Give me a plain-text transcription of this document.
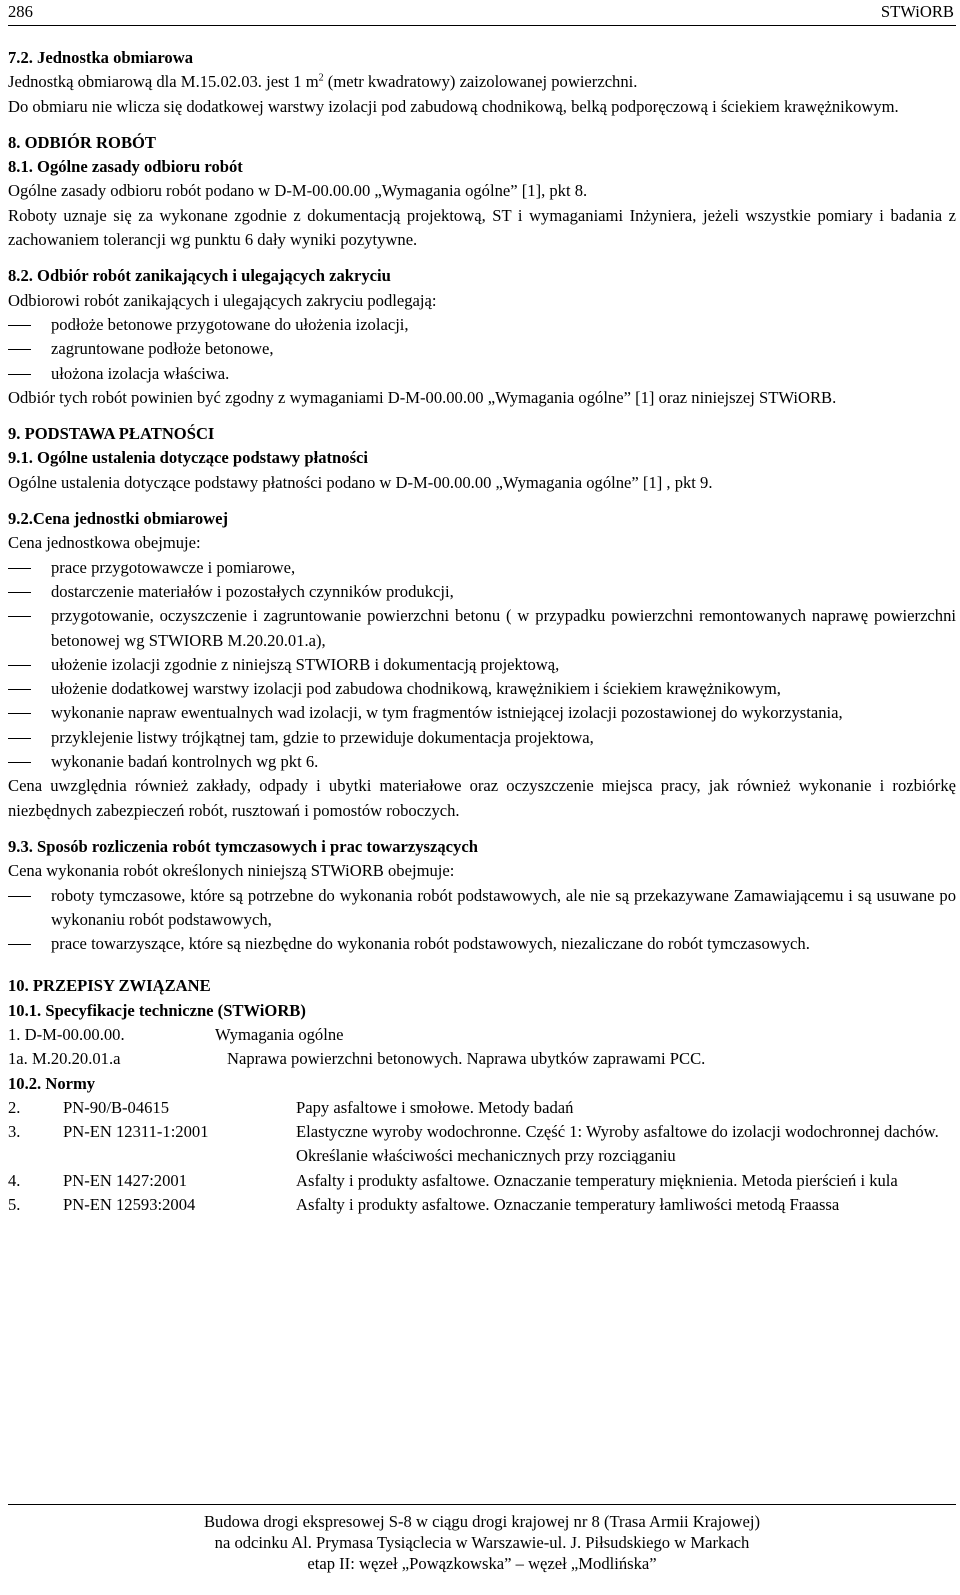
286	STWiORB
7.2. Jednostka obmiarowa

Jednostką obmiarową dla M.15.02.03. jest 1 $m^2$ (metr kwadratowy) zaizolowanej powierzchni.

Do obmiaru nie wlicza się dodatkowej warstwy izolacji pod zabudową chodnikową, belką podporęczową i ściekiem krawężnikowym.

8. ODBIÓR ROBÓT
8.1. Ogólne zasady odbioru robót

Ogólne zasady odbioru robót podano w D-M-00.00.00 „Wymagania ogólne” [1], pkt 8.

Roboty uznaje się za wykonane zgodnie z dokumentacją projektową, ST i wymaganiami Inżyniera, jeżeli wszystkie pomiary i badania z zachowaniem tolerancji wg punktu 6 dały wyniki pozytywne.

8.2. Odbiór robót zanikających i ulegających zakryciu

Odbiorowi robót zanikających i ulegających zakryciu podlegają:

podłoże betonowe przygotowane do ułożenia izolacji,
zagruntowane podłoże betonowe,
ułożona izolacja właściwa.

Odbiór tych robót powinien być zgodny z wymaganiami D-M-00.00.00 „Wymagania ogólne” [1] oraz niniejszej STWiORB.

9. PODSTAWA PŁATNOŚCI
9.1. Ogólne ustalenia dotyczące podstawy płatności

Ogólne ustalenia dotyczące podstawy płatności podano w D-M-00.00.00 „Wymagania ogólne” [1] , pkt 9.

9.2.Cena jednostki obmiarowej

Cena jednostkowa obejmuje:

prace przygotowawcze i pomiarowe,
dostarczenie materiałów i pozostałych czynników produkcji,
przygotowanie, oczyszczenie i zagruntowanie powierzchni betonu ( w przypadku powierzchni remontowanych naprawę powierzchni betonowej wg STWIORB M.20.20.01.a),
ułożenie izolacji zgodnie z niniejszą STWIORB i dokumentacją projektową,
ułożenie dodatkowej warstwy izolacji pod zabudowa chodnikową, krawężnikiem i ściekiem krawężnikowym,
wykonanie napraw ewentualnych wad izolacji, w tym fragmentów istniejącej izolacji pozostawionej do wykorzystania,
przyklejenie listwy trójkątnej tam, gdzie to przewiduje dokumentacja projektowa,
wykonanie badań kontrolnych wg pkt 6.

Cena uwzględnia również zakłady, odpady i ubytki materiałowe oraz oczyszczenie miejsca pracy, jak również wykonanie i rozbiórkę niezbędnych zabezpieczeń robót, rusztowań i pomostów roboczych.

9.3. Sposób rozliczenia robót tymczasowych i prac towarzyszących

Cena wykonania robót określonych niniejszą STWiORB obejmuje:

roboty tymczasowe, które są potrzebne do wykonania robót podstawowych, ale nie są przekazywane Zamawiającemu i są usuwane po wykonaniu robót podstawowych,
prace towarzyszące, które są niezbędne do wykonania robót podstawowych, niezaliczane do robót tymczasowych.
10. PRZEPISY ZWIĄZANE
10.1. Specyfikacje techniczne (STWiORB)
1. D-M-00.00.00.	Wymagania ogólne
1a. M.20.20.01.a	Naprawa powierzchni betonowych. Naprawa ubytków zaprawami PCC.
10.2. Normy
2.	PN-90/B-04615	Papy asfaltowe i smołowe. Metody badań
3.	PN-EN 12311-1:2001	Elastyczne wyroby wodochronne. Część 1: Wyroby asfaltowe do izolacji wodochronnej dachów. Określanie właściwości mechanicznych przy rozciąganiu
4.	PN-EN 1427:2001	Asfalty i produkty asfaltowe. Oznaczanie temperatury mięknienia. Metoda pierścień i kula
5.	PN-EN 12593:2004	Asfalty i produkty asfaltowe. Oznaczanie temperatury łamliwości metodą Fraassa
Budowa drogi ekspresowej S-8 w ciągu drogi krajowej nr 8 (Trasa Armii Krajowej)
na odcinku Al. Prymasa Tysiąclecia w Warszawie-ul. J. Piłsudskiego w Markach
etap II: węzeł „Powązkowska” – węzeł „Modlińska”
